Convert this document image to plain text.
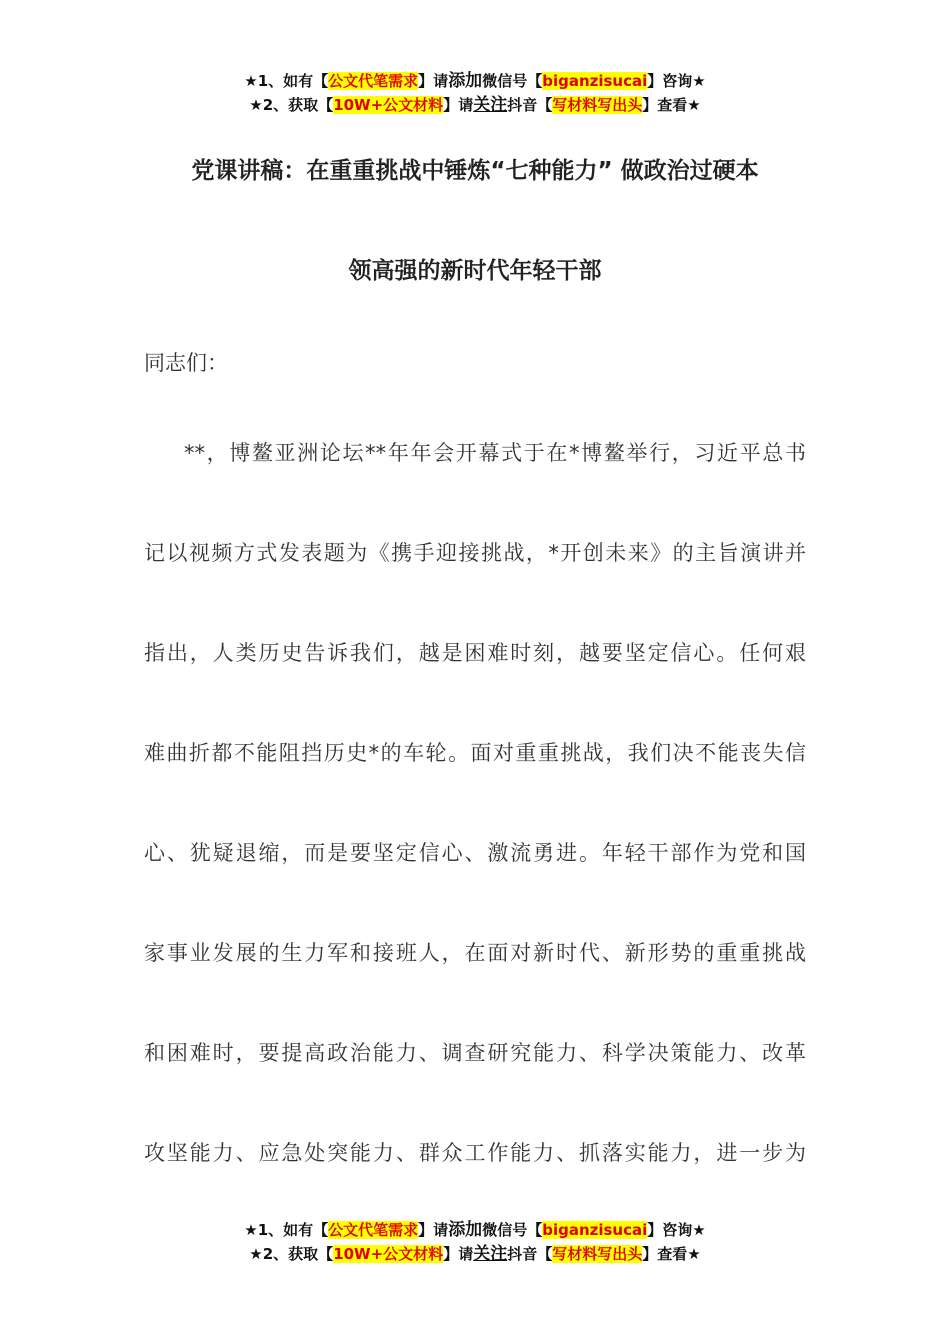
★1、如有【公文代笔需求】请添加微信号【biganzisucai】咨询★
★2、获取【10W+公文材料】请关注抖音【写材料写出头】查看★
党课讲稿：在重重挑战中锤炼“七种能力” 做政治过硬本
领高强的新时代年轻干部
同志们：
**，博鳌亚洲论坛**年年会开幕式于在*博鳌举行，习近平总书
记以视频方式发表题为《携手迎接挑战，*开创未来》的主旨演讲并
指出，人类历史告诉我们，越是困难时刻，越要坚定信心。任何艰
难曲折都不能阻挡历史*的车轮。面对重重挑战，我们决不能丧失信
心、犹疑退缩，而是要坚定信心、激流勇进。年轻干部作为党和国
家事业发展的生力军和接班人，在面对新时代、新形势的重重挑战
和困难时，要提高政治能力、调查研究能力、科学决策能力、改革
攻坚能力、应急处突能力、群众工作能力、抓落实能力，进一步为
★1、如有【公文代笔需求】请添加微信号【biganzisucai】咨询★
★2、获取【10W+公文材料】请关注抖音【写材料写出头】查看★
